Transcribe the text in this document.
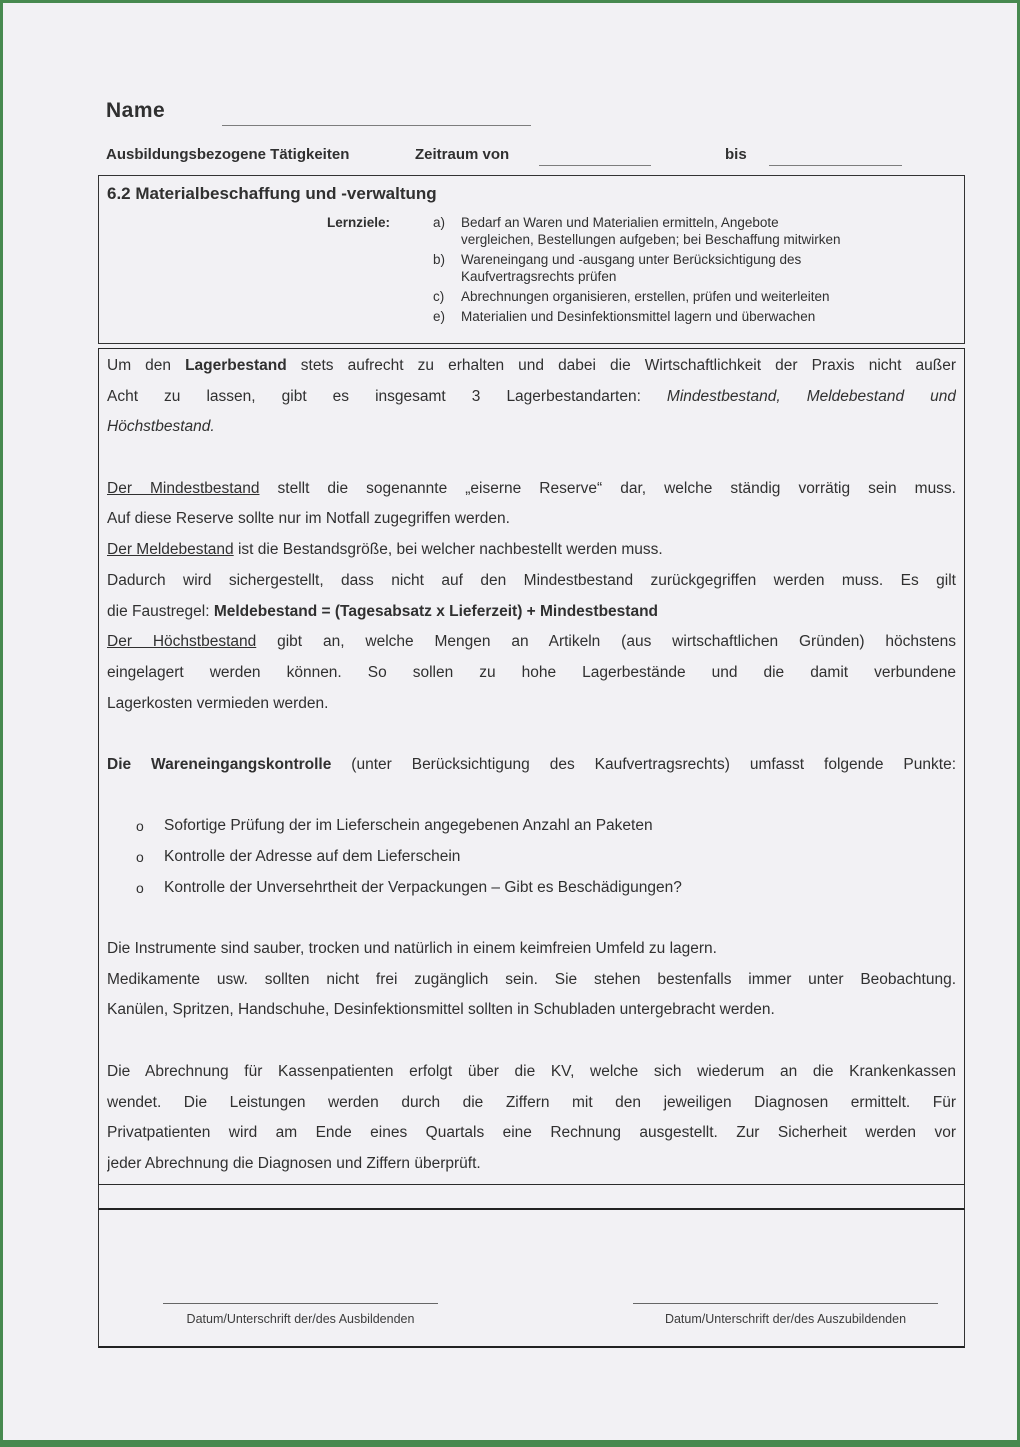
Name
Ausbildungsbezogene Tätigkeiten	Zeitraum von	bis
6.2 Materialbeschaffung und -verwaltung
Lernziele:	a)	Bedarf an Waren und Materialien ermitteln, Angebote
vergleichen, Bestellungen aufgeben; bei Beschaffung mitwirken
b)	Wareneingang und -ausgang unter Berücksichtigung des
Kaufvertragsrechts prüfen
c)	Abrechnungen organisieren, erstellen, prüfen und weiterleiten
e)	Materialien und Desinfektionsmittel lagern und überwachen
Um den Lagerbestand stets aufrecht zu erhalten und dabei die Wirtschaftlichkeit der Praxis nicht außer
Acht zu lassen, gibt es insgesamt 3 Lagerbestandarten: Mindestbestand, Meldebestand und
Höchstbestand.
Der Mindestbestand stellt die sogenannte „eiserne Reserve“ dar, welche ständig vorrätig sein muss.
Auf diese Reserve sollte nur im Notfall zugegriffen werden.
Der Meldebestand ist die Bestandsgröße, bei welcher nachbestellt werden muss.
Dadurch wird sichergestellt, dass nicht auf den Mindestbestand zurückgegriffen werden muss. Es gilt
die Faustregel: Meldebestand = (Tagesabsatz x Lieferzeit) + Mindestbestand
Der Höchstbestand gibt an, welche Mengen an Artikeln (aus wirtschaftlichen Gründen) höchstens
eingelagert werden können. So sollen zu hohe Lagerbestände und die damit verbundene
Lagerkosten vermieden werden.
Die Wareneingangskontrolle (unter Berücksichtigung des Kaufvertragsrechts) umfasst folgende Punkte:
o	Sofortige Prüfung der im Lieferschein angegebenen Anzahl an Paketen
o	Kontrolle der Adresse auf dem Lieferschein
o	Kontrolle der Unversehrtheit der Verpackungen – Gibt es Beschädigungen?
Die Instrumente sind sauber, trocken und natürlich in einem keimfreien Umfeld zu lagern.
Medikamente usw. sollten nicht frei zugänglich sein. Sie stehen bestenfalls immer unter Beobachtung.
Kanülen, Spritzen, Handschuhe, Desinfektionsmittel sollten in Schubladen untergebracht werden.
Die Abrechnung für Kassenpatienten erfolgt über die KV, welche sich wiederum an die Krankenkassen
wendet. Die Leistungen werden durch die Ziffern mit den jeweiligen Diagnosen ermittelt. Für
Privatpatienten wird am Ende eines Quartals eine Rechnung ausgestellt. Zur Sicherheit werden vor
jeder Abrechnung die Diagnosen und Ziffern überprüft.
Datum/Unterschrift der/des Ausbildenden	Datum/Unterschrift der/des Auszubildenden
